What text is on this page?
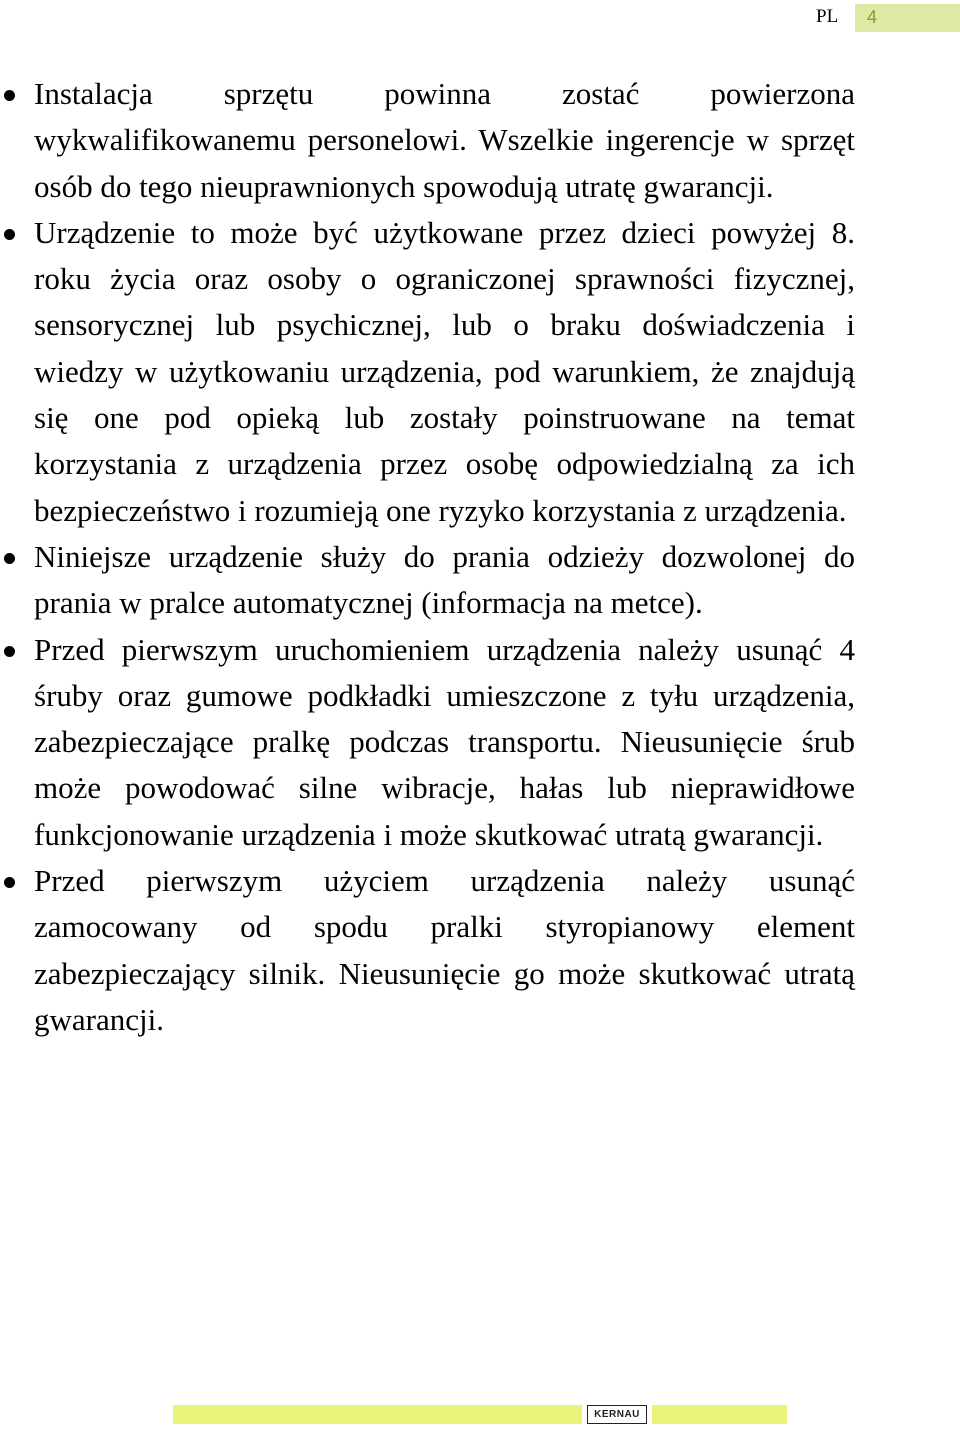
PL 4
Instalacja sprzętu powinna zostać powierzona wykwalifikowanemu personelowi. Wszelkie ingerencje w sprzęt osób do tego nieuprawnionych spowodują utratę gwarancji.
Urządzenie to może być użytkowane przez dzieci powyżej 8. roku życia oraz osoby o ograniczonej sprawności fizycznej, sensorycznej lub psychicznej, lub o braku doświadczenia i wiedzy w użytkowaniu urządzenia, pod warunkiem, że znajdują się one pod opieką lub zostały poinstruowane na temat korzystania z urządzenia przez osobę odpowiedzialną za ich bezpieczeństwo i rozumieją one ryzyko korzystania z urządzenia.
Niniejsze urządzenie służy do prania odzieży dozwolonej do prania w pralce automatycznej (informacja na metce).
Przed pierwszym uruchomieniem urządzenia należy usunąć 4 śruby oraz gumowe podkładki umieszczone z tyłu urządzenia, zabezpieczające pralkę podczas transportu. Nieusunięcie śrub może powodować silne wibracje, hałas lub nieprawidłowe funkcjonowanie urządzenia i może skutkować utratą gwarancji.
Przed pierwszym użyciem urządzenia należy usunąć zamocowany od spodu pralki styropianowy element zabezpieczający silnik. Nieusunięcie go może skutkować utratą gwarancji.
KERNAU
